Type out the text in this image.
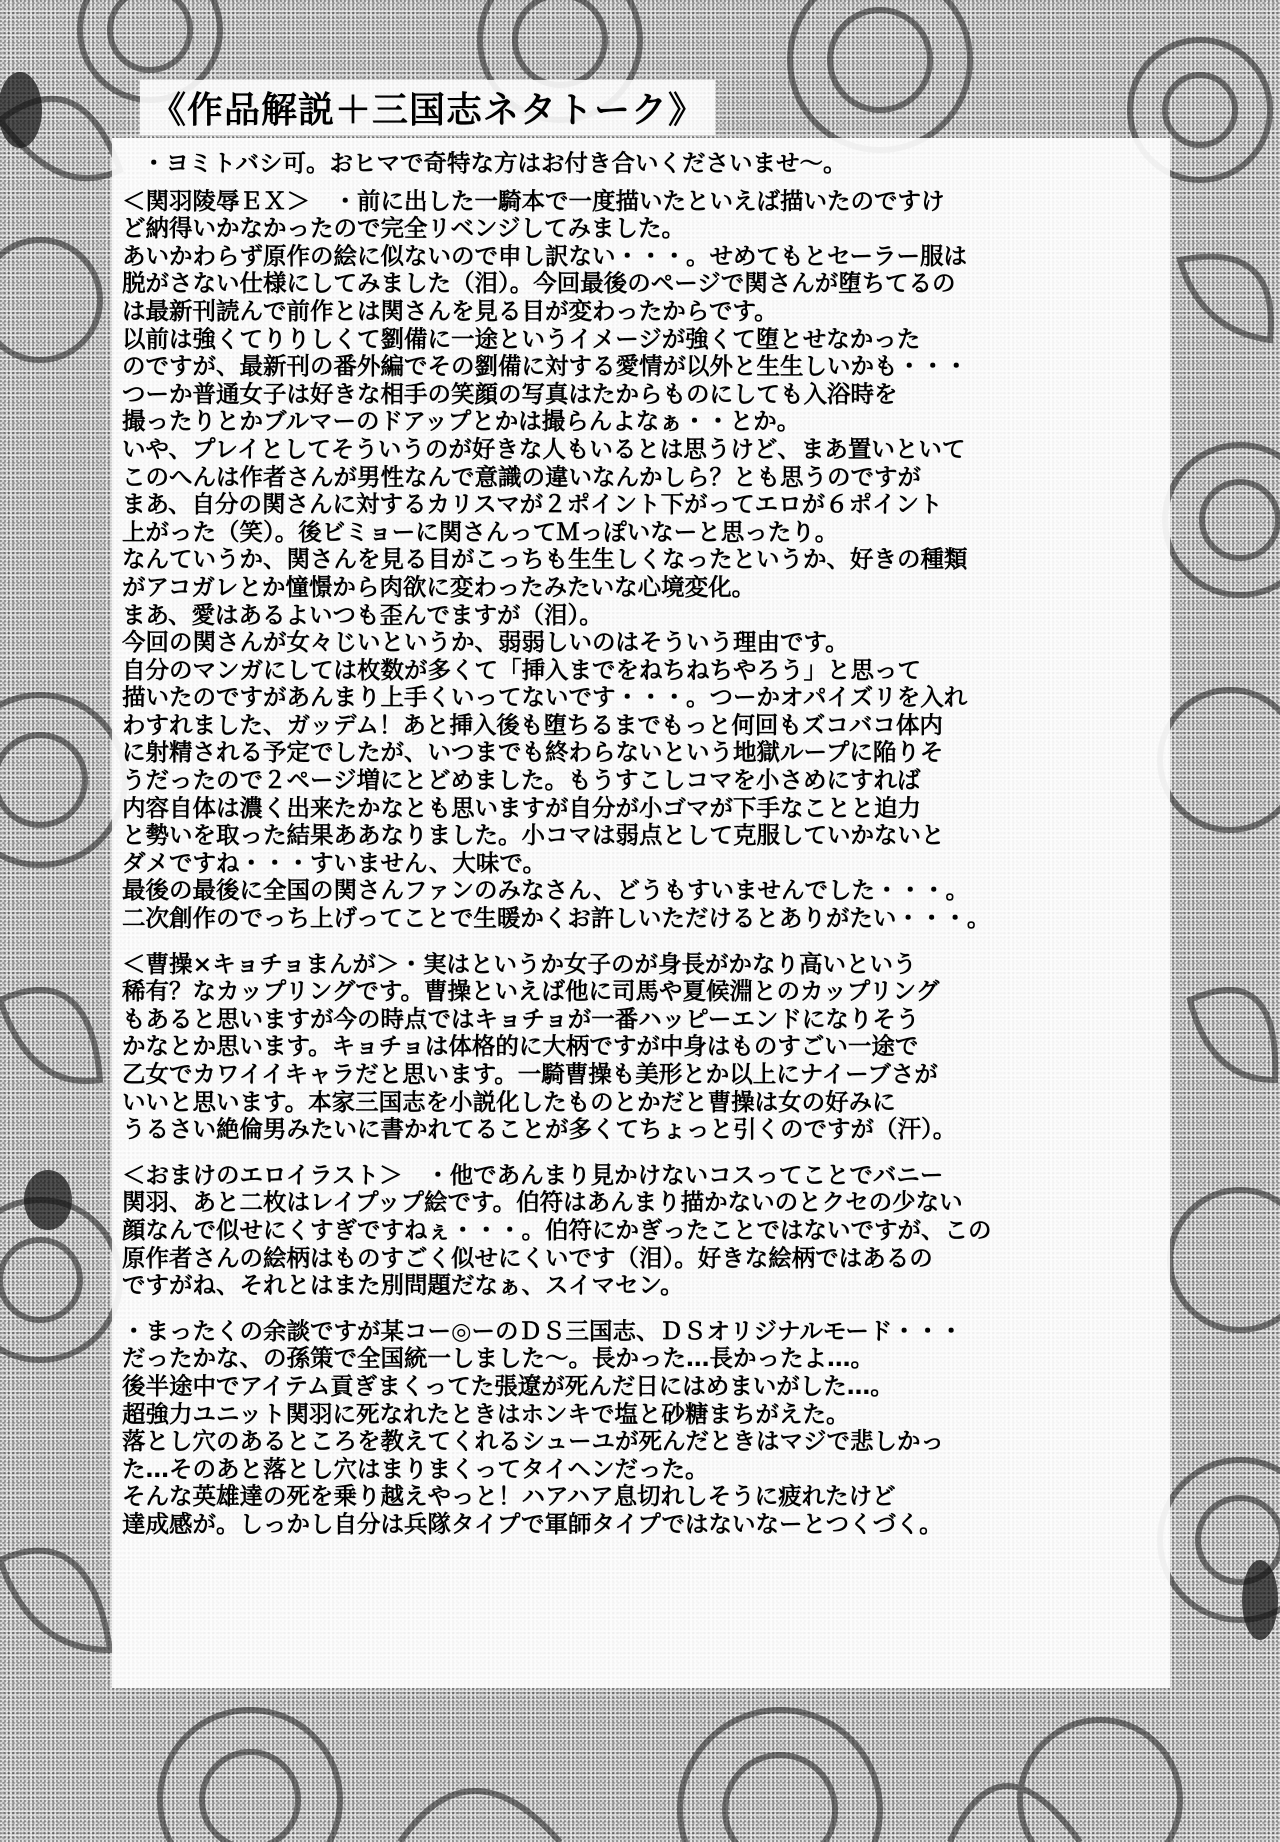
《作品解説＋三国志ネタトーク》

・ヨミトバシ可。おヒマで奇特な方はお付き合いくださいませ〜。

＜関羽陵辱ＥＸ＞　・前に出した一騎本で一度描いたといえば描いたのですけ

ど納得いかなかったので完全リベンジしてみました。

あいかわらず原作の絵に似ないので申し訳ない・・・。せめてもとセーラー服は

脱がさない仕様にしてみました（泪）。今回最後のページで関さんが堕ちてるの

は最新刊読んで前作とは関さんを見る目が変わったからです。

以前は強くてりりしくて劉備に一途というイメージが強くて堕とせなかった

のですが、最新刊の番外編でその劉備に対する愛情が以外と生生しいかも・・・

つーか普通女子は好きな相手の笑顔の写真はたからものにしても入浴時を

撮ったりとかブルマーのドアップとかは撮らんよなぁ・・とか。

いや、プレイとしてそういうのが好きな人もいるとは思うけど、まあ置いといて

このへんは作者さんが男性なんで意識の違いなんかしら？とも思うのですが

まあ、自分の関さんに対するカリスマが２ポイント下がってエロが６ポイント

上がった（笑）。後ビミョーに関さんってＭっぽいなーと思ったり。

なんていうか、関さんを見る目がこっちも生生しくなったというか、好きの種類

がアコガレとか憧憬から肉欲に変わったみたいな心境変化。

まあ、愛はあるよいつも歪んでますが（泪）。

今回の関さんが女々じいというか、弱弱しいのはそういう理由です。

自分のマンガにしては枚数が多くて「挿入までをねちねちやろう」と思って

描いたのですがあんまり上手くいってないです・・・。つーかオパイズリを入れ

わすれました、ガッデム！あと挿入後も堕ちるまでもっと何回もズコバコ体内

に射精される予定でしたが、いつまでも終わらないという地獄ループに陥りそ

うだったので２ページ増にとどめました。もうすこしコマを小さめにすれば

内容自体は濃く出来たかなとも思いますが自分が小ゴマが下手なことと迫力

と勢いを取った結果ああなりました。小コマは弱点として克服していかないと

ダメですね・・・すいません、大味で。

最後の最後に全国の関さんファンのみなさん、どうもすいませんでした・・・。

二次創作のでっち上げってことで生暖かくお許しいただけるとありがたい・・・。

＜曹操×キョチョまんが＞・実はというか女子のが身長がかなり高いという

稀有？なカップリングです。曹操といえば他に司馬や夏候淵とのカップリング

もあると思いますが今の時点ではキョチョが一番ハッピーエンドになりそう

かなとか思います。キョチョは体格的に大柄ですが中身はものすごい一途で

乙女でカワイイキャラだと思います。一騎曹操も美形とか以上にナイーブさが

いいと思います。本家三国志を小説化したものとかだと曹操は女の好みに

うるさい絶倫男みたいに書かれてることが多くてちょっと引くのですが（汗）。

＜おまけのエロイラスト＞　・他であんまり見かけないコスってことでバニー

関羽、あと二枚はレイプップ絵です。伯符はあんまり描かないのとクセの少ない

顔なんで似せにくすぎですねぇ・・・。伯符にかぎったことではないですが、この

原作者さんの絵柄はものすごく似せにくいです（泪）。好きな絵柄ではあるの

ですがね、それとはまた別問題だなぁ、スイマセン。

・まったくの余談ですが某コー◎ーのＤＳ三国志、ＤＳオリジナルモード・・・

だったかな、の孫策で全国統一しました〜。長かった…長かったよ…。

後半途中でアイテム貢ぎまくってた張遼が死んだ日にはめまいがした…。

超強力ユニット関羽に死なれたときはホンキで塩と砂糖まちがえた。

落とし穴のあるところを教えてくれるシューユが死んだときはマジで悲しかっ

た…そのあと落とし穴はまりまくってタイヘンだった。

そんな英雄達の死を乗り越えやっと！ハアハア息切れしそうに疲れたけど

達成感が。しっかし自分は兵隊タイプで軍師タイプではないなーとつくづく。
